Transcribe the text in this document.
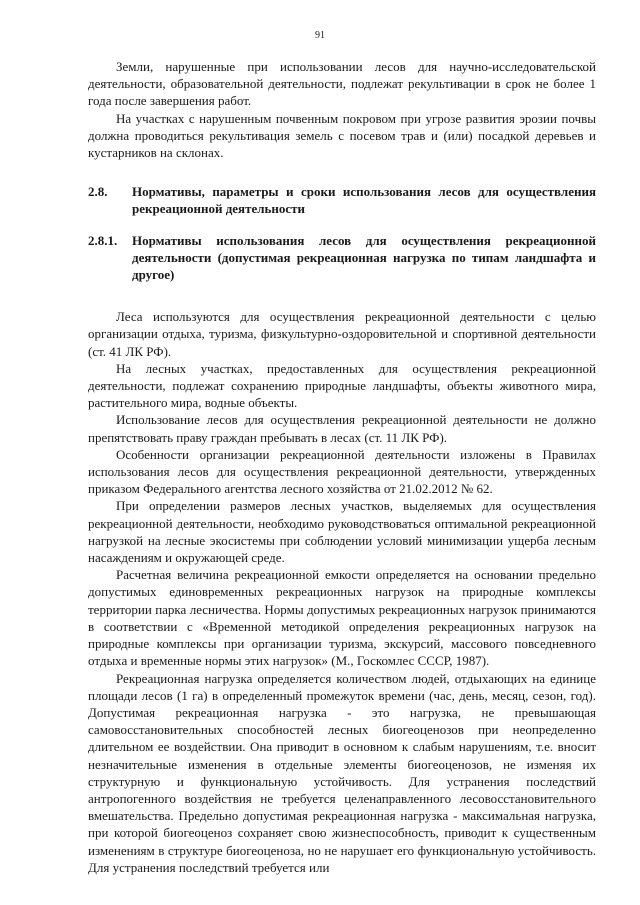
91

Земли, нарушенные при использовании лесов для научно-исследовательской деятельности, образовательной деятельности, подлежат рекультивации в срок не более 1 года после завершения работ.

На участках с нарушенным почвенным покровом при угрозе развития эрозии почвы должна проводиться рекультивация земель с посевом трав и (или) посадкой деревьев и кустарников на склонах.

2.8.	Нормативы, параметры и сроки использования лесов для осуществления рекреационной деятельности
2.8.1.	Нормативы использования лесов для осуществления рекреационной деятельности (допустимая рекреационная нагрузка по типам ландшафта и другое)

Леса используются для осуществления рекреационной деятельности с целью организации отдыха, туризма, физкультурно-оздоровительной и спортивной деятельности (ст. 41 ЛК РФ).

На лесных участках, предоставленных для осуществления рекреационной деятельности, подлежат сохранению природные ландшафты, объекты животного мира, растительного мира, водные объекты.

Использование лесов для осуществления рекреационной деятельности не должно препятствовать праву граждан пребывать в лесах (ст. 11 ЛК РФ).

Особенности организации рекреационной деятельности изложены в Правилах использования лесов для осуществления рекреационной деятельности, утвержденных приказом Федерального агентства лесного хозяйства от 21.02.2012 № 62.

При определении размеров лесных участков, выделяемых для осуществления рекреационной деятельности, необходимо руководствоваться оптимальной рекреационной нагрузкой на лесные экосистемы при соблюдении условий минимизации ущерба лесным насаждениям и окружающей среде.

Расчетная величина рекреационной емкости определяется на основании предельно допустимых единовременных рекреационных нагрузок на природные комплексы территории парка лесничества. Нормы допустимых рекреационных нагрузок принимаются в соответствии с «Временной методикой определения рекреационных нагрузок на природные комплексы при организации туризма, экскурсий, массового повседневного отдыха и временные нормы этих нагрузок» (М., Госкомлес СССР, 1987).

Рекреационная нагрузка определяется количеством людей, отдыхающих на единице площади лесов (1 га) в определенный промежуток времени (час, день, месяц, сезон, год). Допустимая рекреационная нагрузка - это нагрузка, не превышающая самовосстановительных способностей лесных биогеоценозов при неопределенно длительном ее воздействии. Она приводит в основном к слабым нарушениям, т.е. вносит незначительные изменения в отдельные элементы биогеоценозов, не изменяя их структурную и функциональную устойчивость. Для устранения последствий антропогенного воздействия не требуется целенаправленного лесовосстановительного вмешательства. Предельно допустимая рекреационная нагрузка - максимальная нагрузка, при которой биогеоценоз сохраняет свою жизнеспособность, приводит к существенным изменениям в структуре биогеоценоза, но не нарушает его функциональную устойчивость. Для устранения последствий требуется или
